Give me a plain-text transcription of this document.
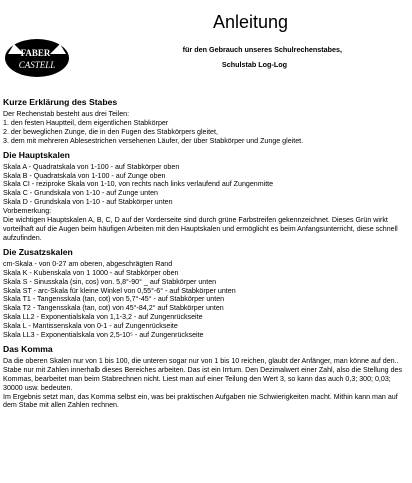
FABER-
CASTELL
Anleitung
für den Gebrauch unseres Schulrechenstabes,
Schulstab Log-Log
Kurze Erklärung des Stabes
Der Rechenstab besteht aus drei Teilen:
1. den festen Hauptteil, dem eigentlichen Stabkörper
2. der beweglichen Zunge, die in den Fugen des Stabkörpers gleitet,
3. dem mit mehreren Ablesestrichen versehenen Läufer, der über Stabkörper und Zunge gleitet.
Die Hauptskalen
Skala A - Quadratskala von 1-100 - auf Stabkörper oben
Skala B - Quadratskala von 1-100 - auf Zunge oben
Skala CI - reziproke Skala von 1-10, von rechts nach links verlaufend auf Zungenmitte
Skala C - Grundskala von 1-10 - auf Zunge unten
Skala D - Grundskala von 1-10 - auf Stabkörper unten
Vorbemerkung:

Die wichtigen Hauptskalen A, B, C, D auf der Vorderseite sind durch grüne Farbstreifen gekennzeichnet. Dieses Grün wirkt vorteilhaft auf die Augen beim häufigen Arbeiten mit den Hauptskalen und ermöglicht es beim Anfangsunterricht, diese schnell aufzufinden.

Die Zusatzskalen
cm-Skala - von 0-27 am oberen, abgeschrägten Rand
Skala K - Kubenskala von 1 1000 - auf Stabkörper oben
Skala S - Sinusskala (sin, cos) von. 5,8°-90° _ auf Stabkörper unten
Skala ST - arc-Skala für kleine Winkel von 0,55°-6° - auf Stabkörper unten
Skala T1 - Tangensskala (tan, cot) von 5,7°-45° - auf Stabkörper unten
Skala T2 - Tangensskala (tan, cot) von 45°-84,2° auf Stabkörper unten
Skala LL2 - Exponentialskala von 1,1-3,2 - auf Zungenrückseite
Skala L - Mantissenskala von 0-1 - auf Zungenrückseite
Skala LL3 - Exponentialskala von 2,5-10⁵ - auf Zungenrückseite
Das Komma

Da die oberen Skalen nur von 1 bis 100, die unteren sogar nur von 1 bis 10 reichen, glaubt der Anfänger, man könne auf den.. Stabe nur mit Zahlen innerhalb dieses Bereiches arbeiten. Das ist ein Irrtum. Den Dezimalwert einer Zahl, also die Stellung des Kommas, bearbeitet man beim Stabrechnen nicht. Liest man auf einer Teilung den Wert 3, so kann das auch 0,3; 300; 0,03; 30000 usw. bedeuten.

Im Ergebnis setzt man, das Komma selbst ein, was bei praktischen Aufgaben nie Schwierigkeiten macht. Mithin kann man auf dem Stabe mit allen Zahlen rechnen.
